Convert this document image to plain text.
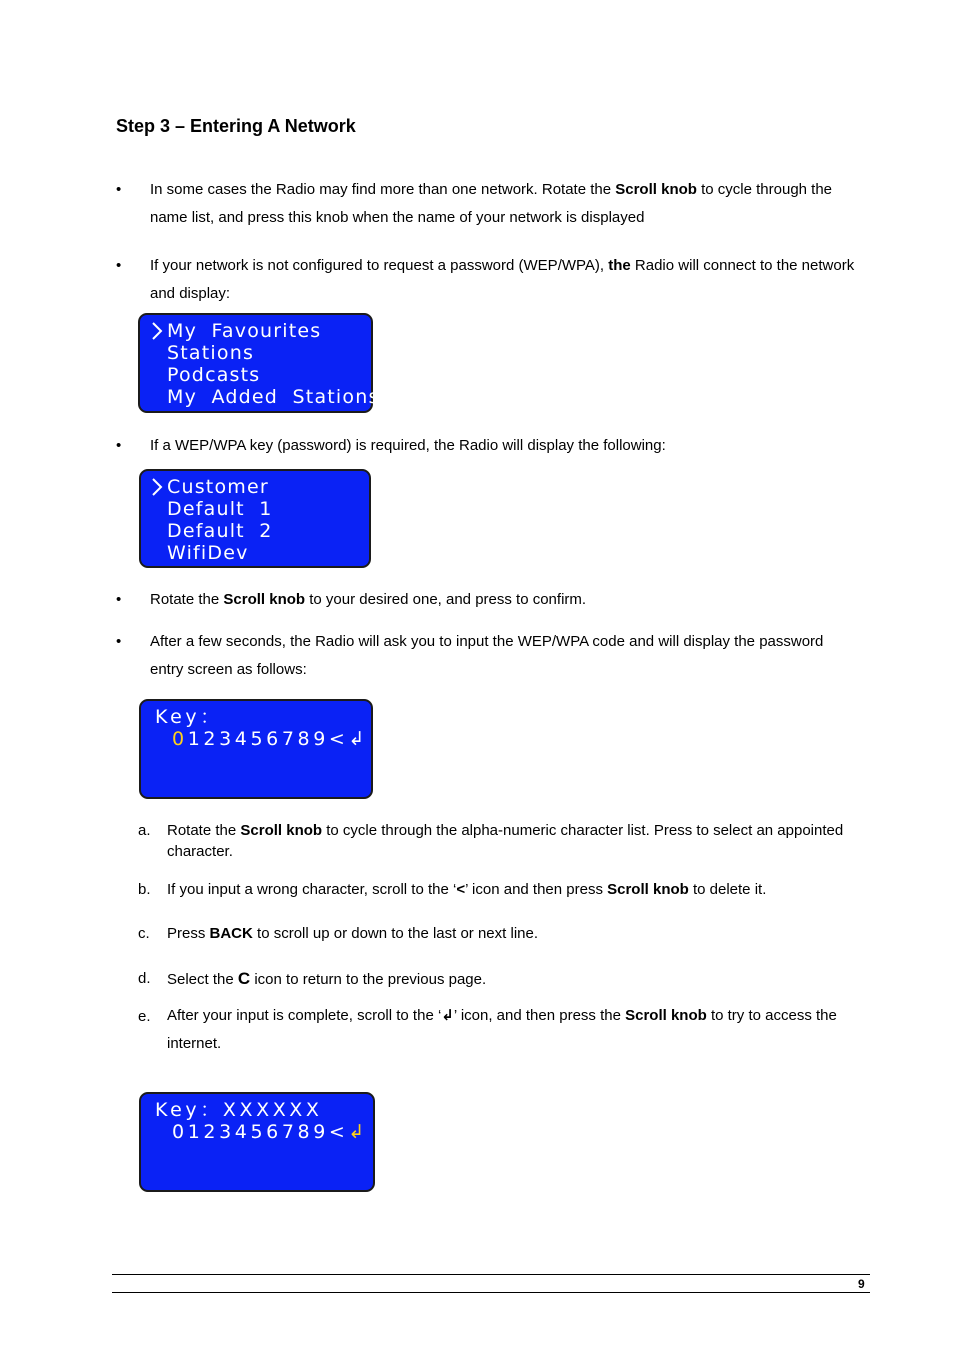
Step 3 – Entering A Network
•	In some cases the Radio may find more than one network. Rotate the Scroll knob to cycle through the name list, and press this knob when the name of your network is displayed
•	If your network is not configured to request a password (WEP/WPA), the Radio will connect to the network and display:
My  Favourites
Stations
Podcasts
My  Added  Stations
•	If a WEP/WPA key (password) is required, the Radio will display the following:
Customer
Default  1
Default  2
WifiDev
•	Rotate the Scroll knob to your desired one, and press to confirm.
•	After a few seconds, the Radio will ask you to input the WEP/WPA code and will display the password entry screen as follows:
Key：
0123456789<↲ C
a. Rotate the Scroll knob to cycle through the alpha-numeric character list. Press to select an appointed character.
b. If you input a wrong character, scroll to the ‘<’ icon and then press Scroll knob to delete it.
c. Press BACK to scroll up or down to the last or next line.
d. Select the C icon to return to the previous page.
e. After your input is complete, scroll to the ‘↲’ icon, and then press the Scroll knob to try to access the internet.
Key：XXXXXX
0123456789<↲ C
9
